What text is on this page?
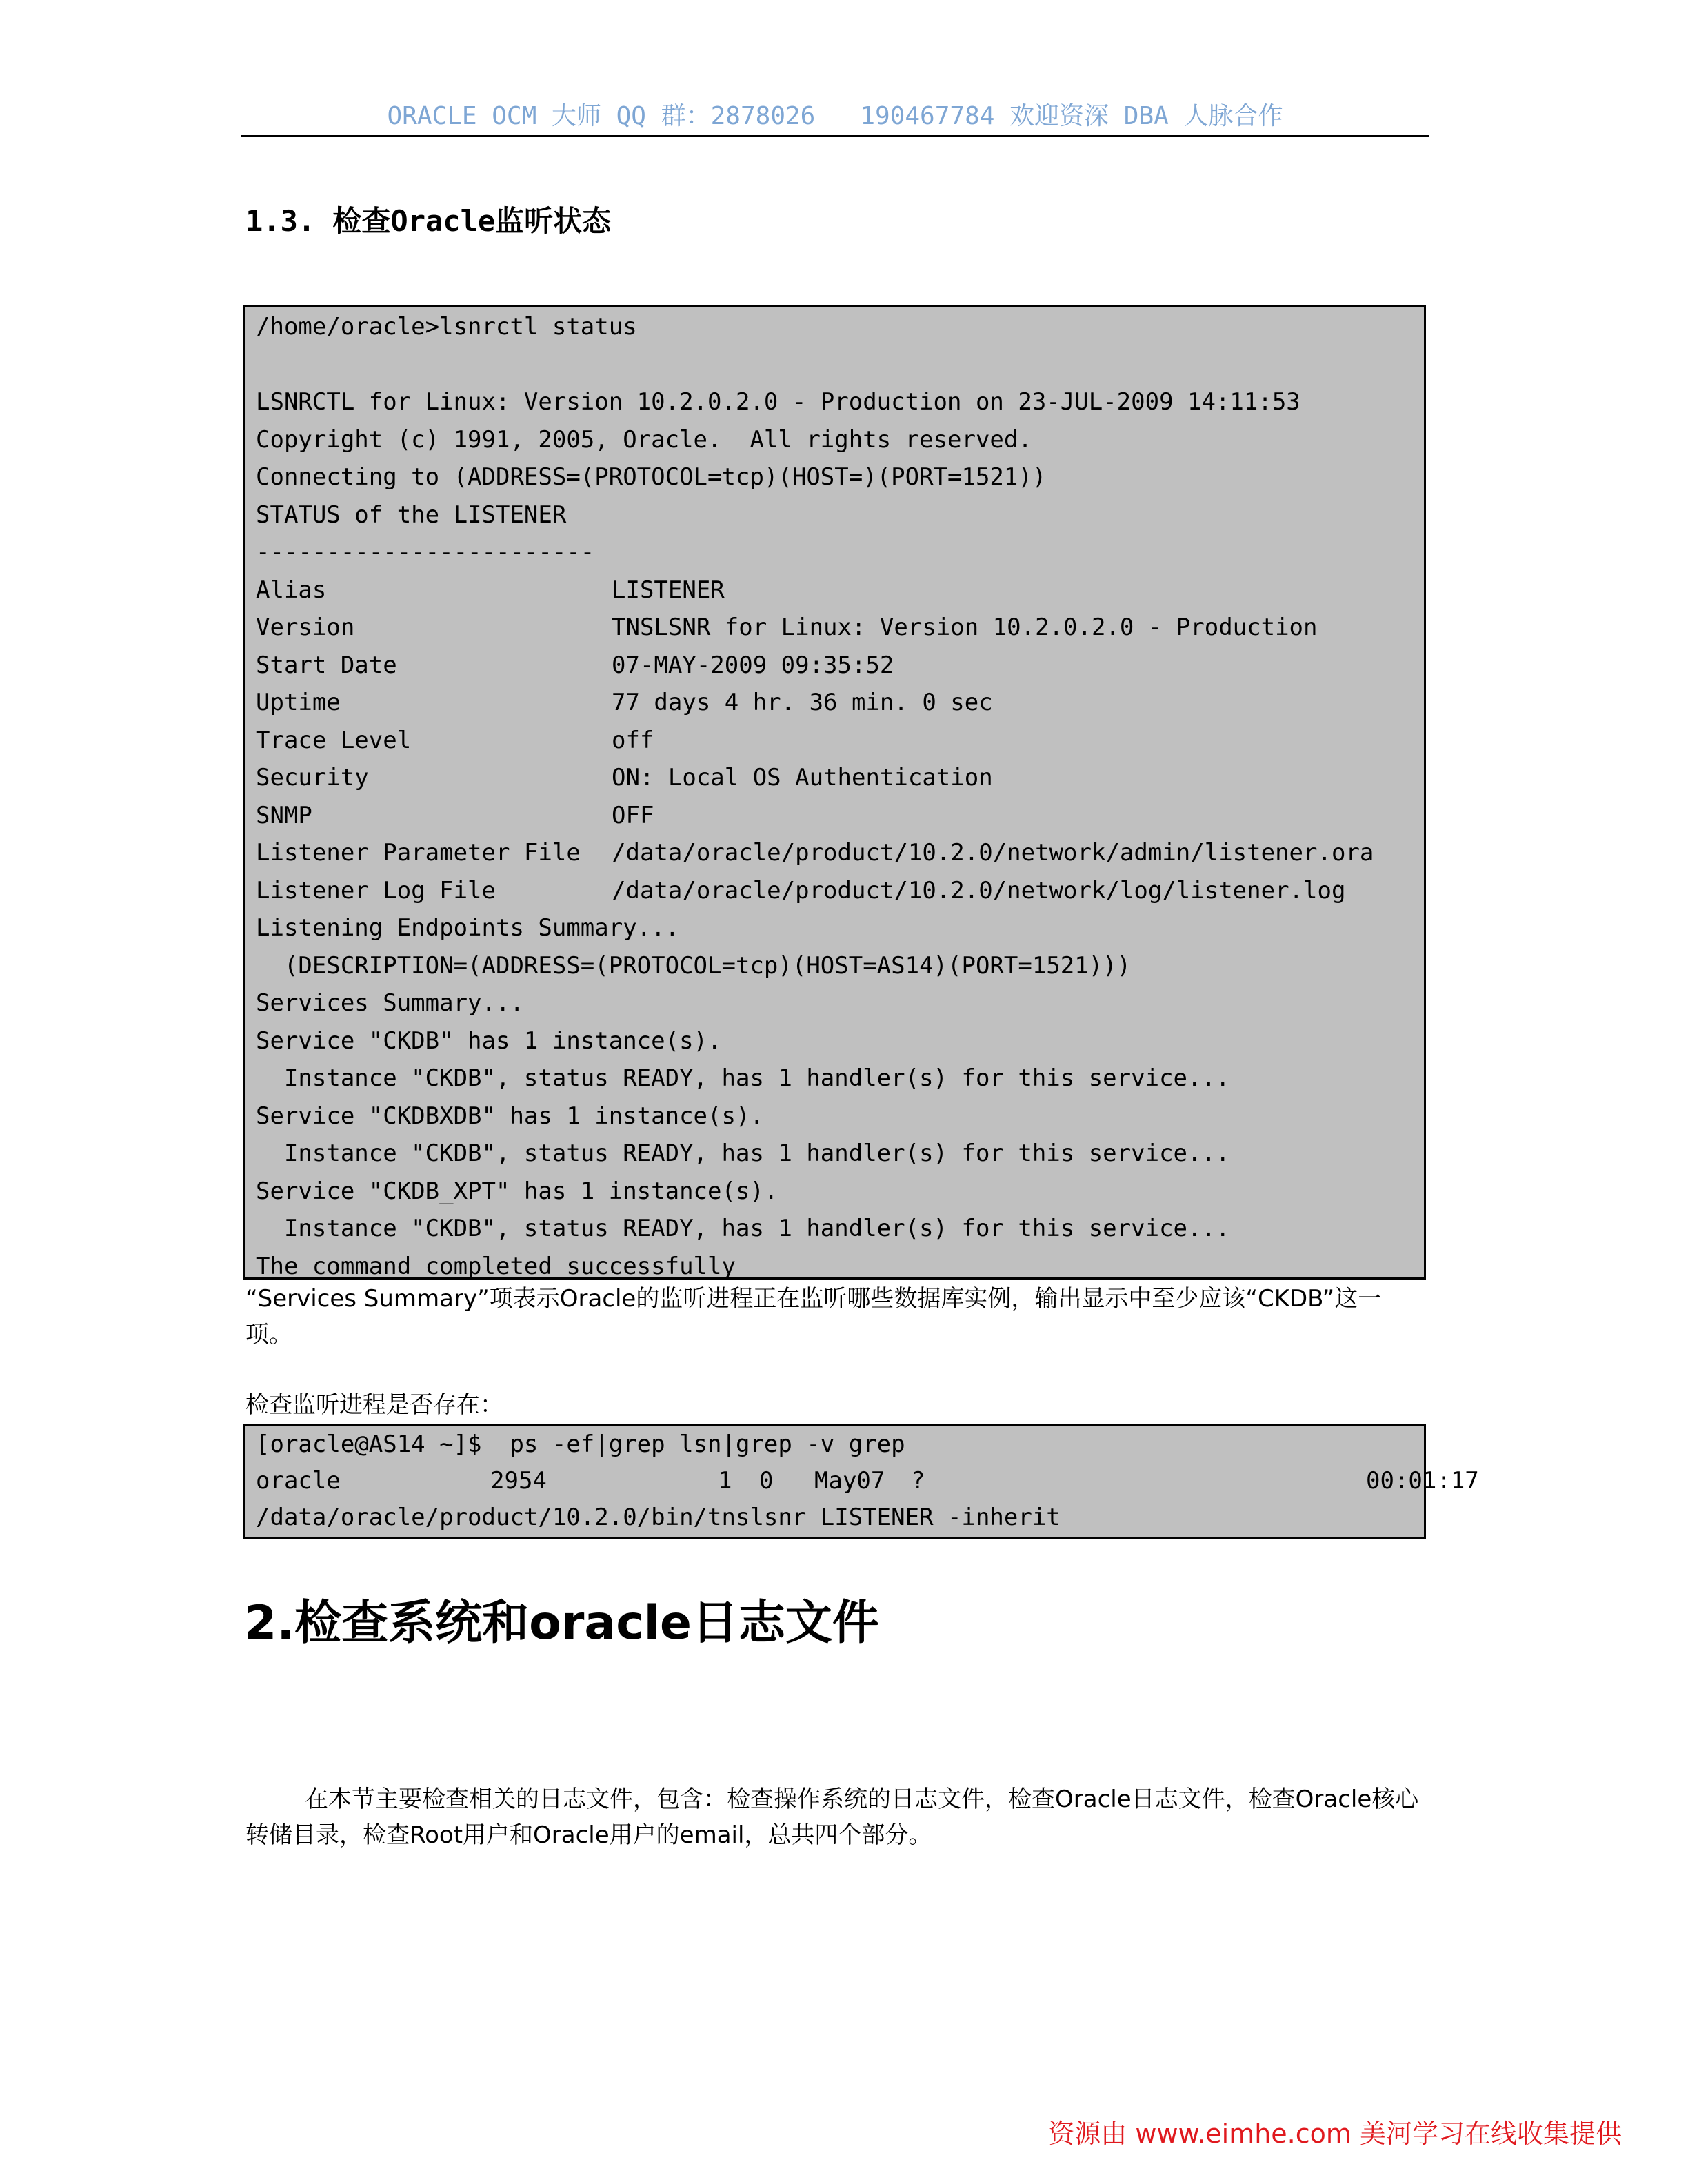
ORACLE OCM 大师 QQ 群：2878026   190467784 欢迎资深 DBA 人脉合作
1.3. 检查Oracle监听状态
/home/oracle>lsnrctl status
LSNRCTL for Linux: Version 10.2.0.2.0 - Production on 23-JUL-2009 14:11:53
Copyright (c) 1991, 2005, Oracle.  All rights reserved.
Connecting to (ADDRESS=(PROTOCOL=tcp)(HOST=)(PORT=1521))
STATUS of the LISTENER
------------------------
Alias	LISTENER
Version	TNSLSNR for Linux: Version 10.2.0.2.0 - Production
Start Date	07-MAY-2009 09:35:52
Uptime	77 days 4 hr. 36 min. 0 sec
Trace Level	off
Security	ON: Local OS Authentication
SNMP	OFF
Listener Parameter File /data/oracle/product/10.2.0/network/admin/listener.ora
Listener Log File	/data/oracle/product/10.2.0/network/log/listener.log
Listening Endpoints Summary...
(DESCRIPTION=(ADDRESS=(PROTOCOL=tcp)(HOST=AS14)(PORT=1521)))
Services Summary...
Service "CKDB" has 1 instance(s).
Instance "CKDB", status READY, has 1 handler(s) for this service...
Service "CKDBXDB" has 1 instance(s).
Instance "CKDB", status READY, has 1 handler(s) for this service...
Service "CKDB_XPT" has 1 instance(s).
Instance "CKDB", status READY, has 1 handler(s) for this service...
The command completed successfully
“Services Summary”项表示Oracle的监听进程正在监听哪些数据库实例，输出显示中至少应该“CKDB”这一项。
检查监听进程是否存在：
[oracle@AS14 ~]$  ps -ef|grep lsn|grep -v grep
oracle	2954	1 0 May07 ?	00:01:17
/data/oracle/product/10.2.0/bin/tnslsnr LISTENER -inherit
2.检查系统和oracle日志文件
在本节主要检查相关的日志文件，包含：检查操作系统的日志文件，检查Oracle日志文件，检查Oracle核心转储目录，检查Root用户和Oracle用户的email，总共四个部分。
资源由 www.eimhe.com 美河学习在线收集提供
